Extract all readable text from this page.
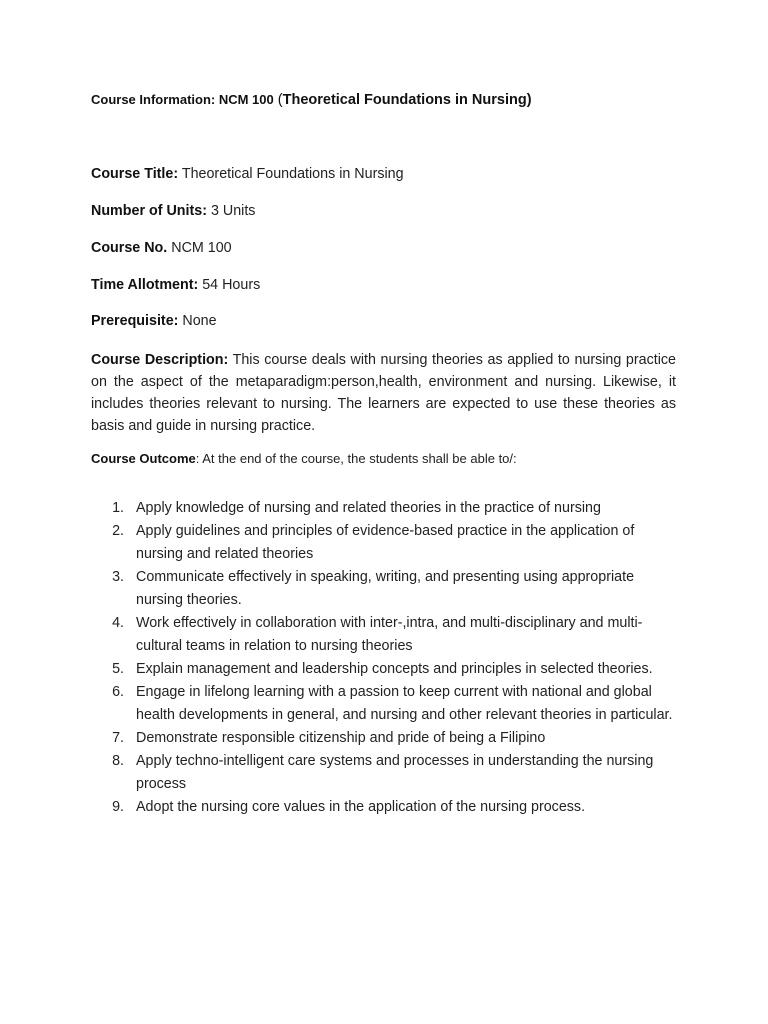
Course Information: NCM 100 (Theoretical Foundations in Nursing)
Course Title: Theoretical Foundations in Nursing
Number of Units: 3 Units
Course No. NCM 100
Time Allotment: 54 Hours
Prerequisite: None
Course Description: This course deals with nursing theories as applied to nursing practice on the aspect of the metaparadigm:person,health, environment and nursing. Likewise, it includes theories relevant to nursing. The learners are expected to use these theories as basis and guide in nursing practice.
Course Outcome: At the end of the course, the students shall be able to/:
1. Apply knowledge of nursing and related theories in the practice of nursing
2. Apply guidelines and principles of evidence-based practice in the application of nursing and related theories
3. Communicate effectively in speaking, writing, and presenting using appropriate nursing theories.
4. Work effectively in collaboration with inter-,intra, and multi-disciplinary and multi-cultural teams in relation to nursing theories
5. Explain management and leadership concepts and principles in selected theories.
6. Engage in lifelong learning with a passion to keep current with national and global health developments in general, and nursing and other relevant theories in particular.
7. Demonstrate responsible citizenship and pride of being a Filipino
8. Apply techno-intelligent care systems and processes in understanding the nursing process
9. Adopt the nursing core values in the application of the nursing process.
